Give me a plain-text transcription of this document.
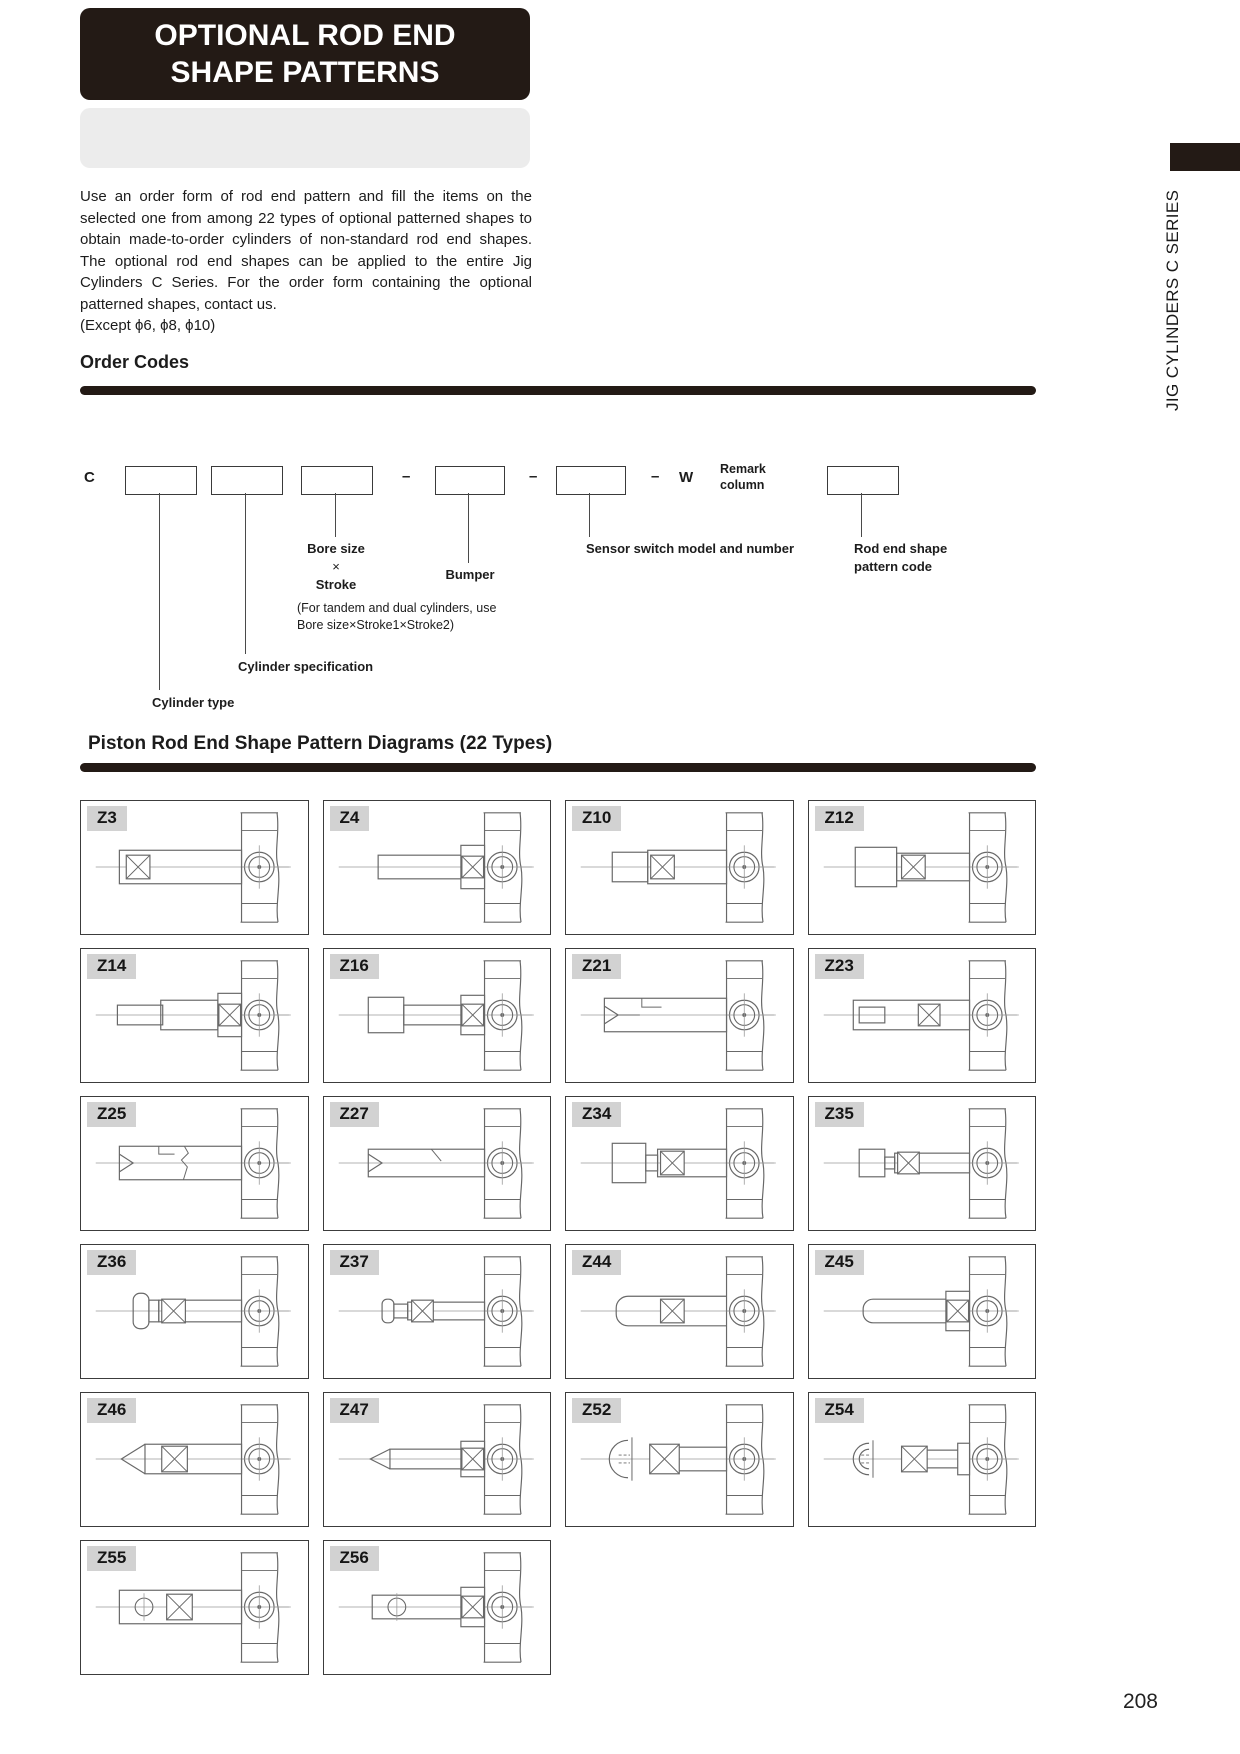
OPTIONAL ROD END
SHAPE PATTERNS

Use an order form of rod end pattern and fill the items on the selected one from among 22 types of optional patterned shapes to obtain made-to-order cylinders of non-standard rod end shapes. The optional rod end shapes can be applied to the entire Jig Cylinders C Series. For the order form containing the optional patterned shapes, contact us.

(Except ϕ6, ϕ8, ϕ10)

Order Codes
C	–	–	– W Remark
column
Bore size
×
Stroke
Bumper
(For tandem and dual cylinders, use
Bore size×Stroke1×Stroke2)
Sensor switch model and number	Rod end shape
pattern code
Cylinder specification
Cylinder type
Piston Rod End Shape Pattern Diagrams (22 Types)
Z3	Z4	Z10	Z12
Z14	Z16	Z21	Z23
Z25	Z27	Z34	Z35
Z36	Z37	Z44	Z45
Z46	Z47	Z52	Z54
Z55	Z56
208
JIG CYLINDERS C SERIES
